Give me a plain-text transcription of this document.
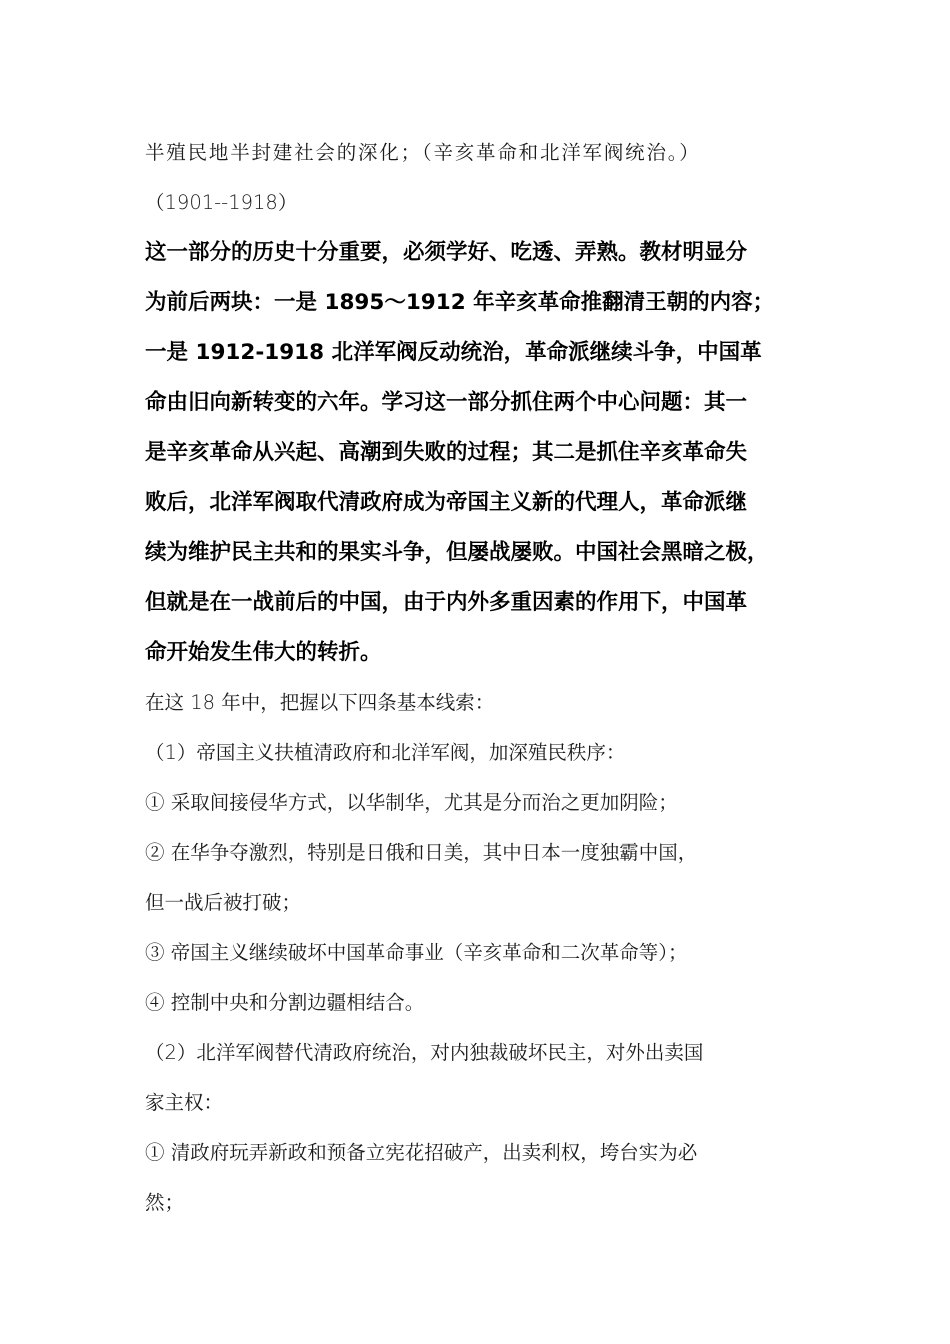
半殖民地半封建社会的深化；（辛亥革命和北洋军阀统治。）
（1901--1918）
这一部分的历史十分重要，必须学好、吃透、弄熟。教材明显分
为前后两块：一是 1895～1912 年辛亥革命推翻清王朝的内容；
一是 1912-1918 北洋军阀反动统治，革命派继续斗争，中国革
命由旧向新转变的六年。学习这一部分抓住两个中心问题：其一
是辛亥革命从兴起、高潮到失败的过程；其二是抓住辛亥革命失
败后，北洋军阀取代清政府成为帝国主义新的代理人，革命派继
续为维护民主共和的果实斗争，但屡战屡败。中国社会黑暗之极，
但就是在一战前后的中国，由于内外多重因素的作用下，中国革
命开始发生伟大的转折。
在这 18 年中，把握以下四条基本线索：
（1）帝国主义扶植清政府和北洋军阀，加深殖民秩序：
① 采取间接侵华方式，以华制华，尤其是分而治之更加阴险；
② 在华争夺激烈，特别是日俄和日美，其中日本一度独霸中国，
但一战后被打破；
③ 帝国主义继续破坏中国革命事业（辛亥革命和二次革命等）；
④ 控制中央和分割边疆相结合。
（2）北洋军阀替代清政府统治，对内独裁破坏民主，对外出卖国
家主权：
① 清政府玩弄新政和预备立宪花招破产，出卖利权，垮台实为必
然；
